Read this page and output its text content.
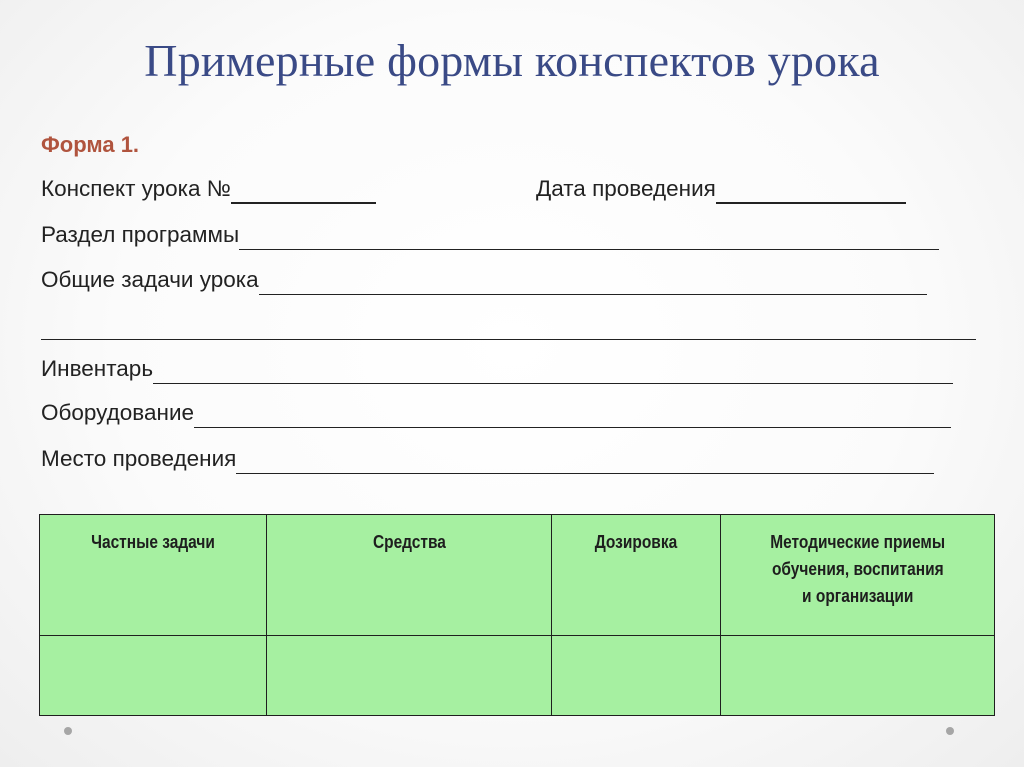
Примерные формы конспектов урока
Форма 1.
Конспект урока №	Дата проведения
Раздел программы
Общие задачи урока
Инвентарь
Оборудование
Место проведения
Частные задачи	Средства	Дозировка	Методические приемы
обучения, воспитания
и организации
